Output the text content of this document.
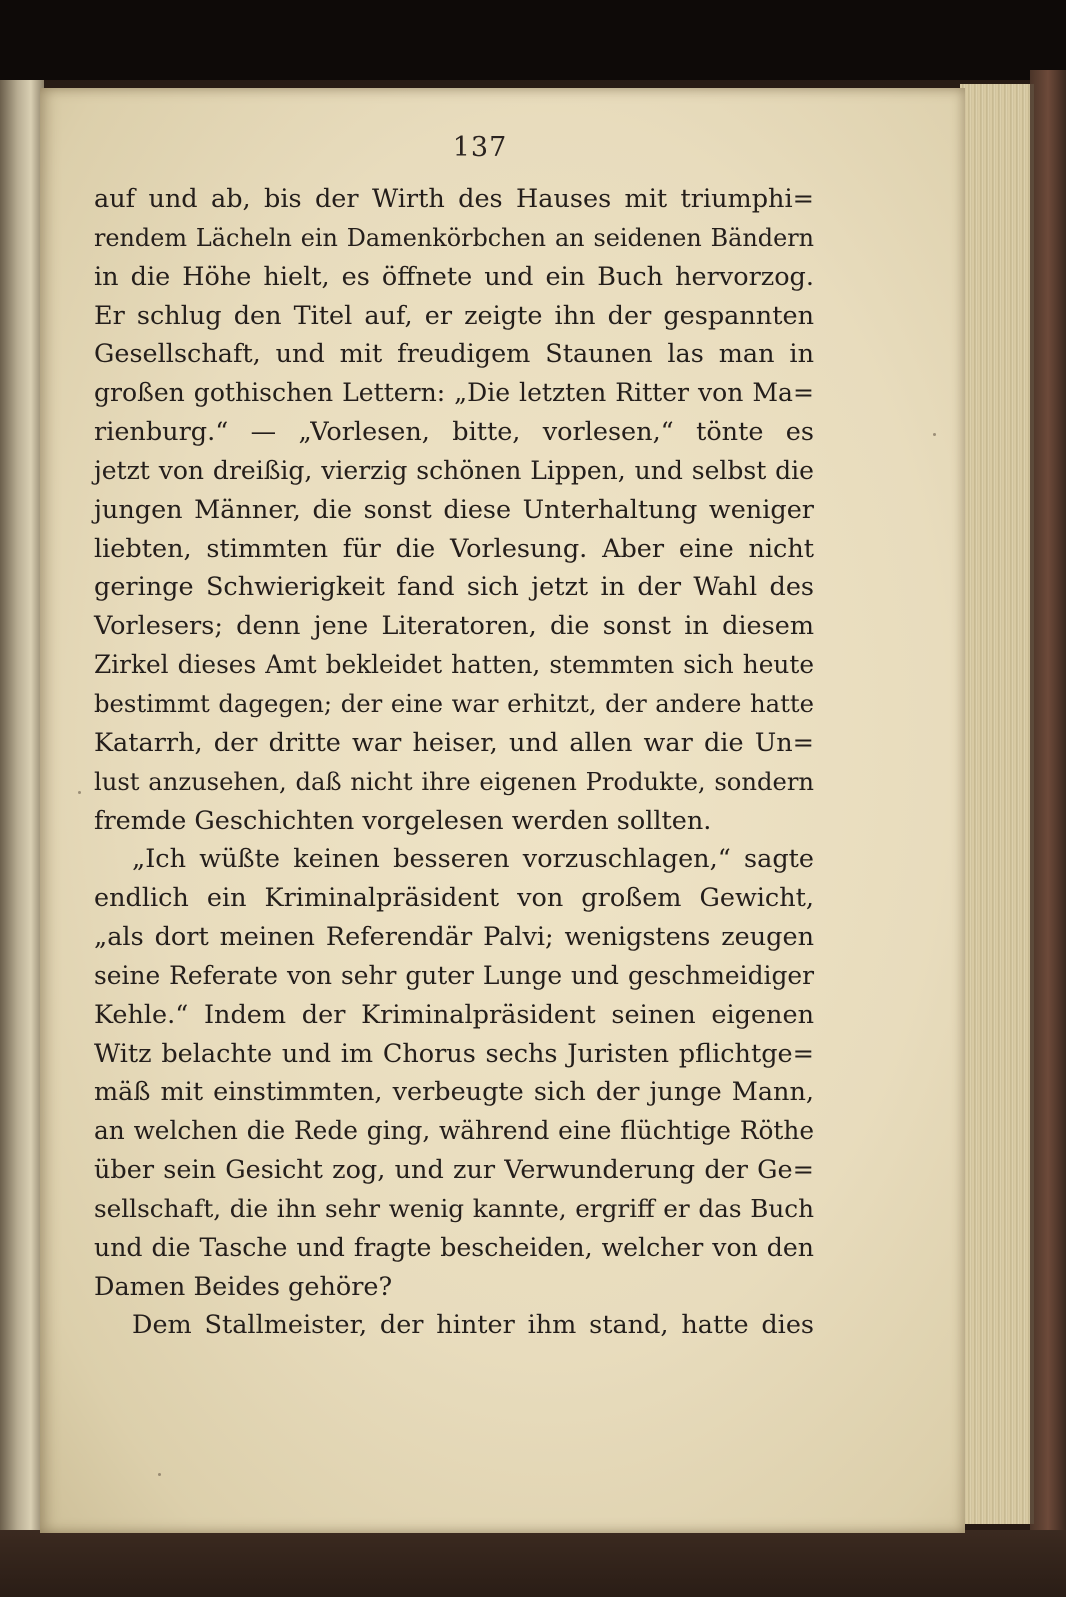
137
auf und ab, bis der Wirth des Hauses mit triumphi=
rendem Lächeln ein Damenkörbchen an seidenen Bändern
in die Höhe hielt, es öffnete und ein Buch hervorzog.
Er schlug den Titel auf, er zeigte ihn der gespannten
Gesellschaft, und mit freudigem Staunen las man in
großen gothischen Lettern: „Die letzten Ritter von Ma=
rienburg.“ — „Vorlesen, bitte, vorlesen,“ tönte es
jetzt von dreißig, vierzig schönen Lippen, und selbst die
jungen Männer, die sonst diese Unterhaltung weniger
liebten, stimmten für die Vorlesung. Aber eine nicht
geringe Schwierigkeit fand sich jetzt in der Wahl des
Vorlesers; denn jene Literatoren, die sonst in diesem
Zirkel dieses Amt bekleidet hatten, stemmten sich heute
bestimmt dagegen; der eine war erhitzt, der andere hatte
Katarrh, der dritte war heiser, und allen war die Un=
lust anzusehen, daß nicht ihre eigenen Produkte, sondern
fremde Geschichten vorgelesen werden sollten.
„Ich wüßte keinen besseren vorzuschlagen,“ sagte
endlich ein Kriminalpräsident von großem Gewicht,
„als dort meinen Referendär Palvi; wenigstens zeugen
seine Referate von sehr guter Lunge und geschmeidiger
Kehle.“ Indem der Kriminalpräsident seinen eigenen
Witz belachte und im Chorus sechs Juristen pflichtge=
mäß mit einstimmten, verbeugte sich der junge Mann,
an welchen die Rede ging, während eine flüchtige Röthe
über sein Gesicht zog, und zur Verwunderung der Ge=
sellschaft, die ihn sehr wenig kannte, ergriff er das Buch
und die Tasche und fragte bescheiden, welcher von den
Damen Beides gehöre?
Dem Stallmeister, der hinter ihm stand, hatte dies
